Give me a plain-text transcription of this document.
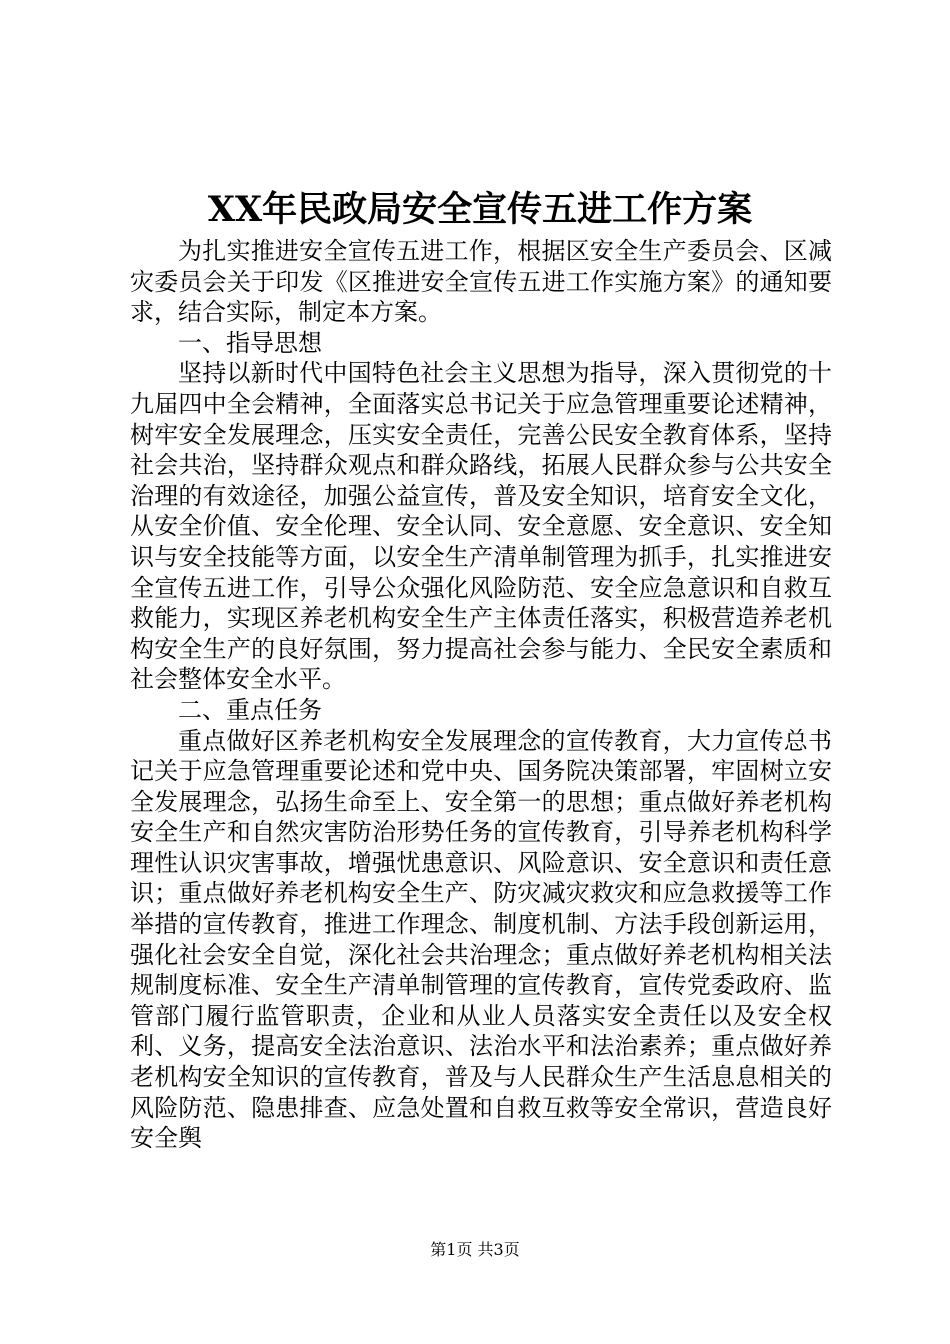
XX年民政局安全宣传五进工作方案

为扎实推进安全宣传五进工作，根据区安全生产委员会、区减灾委员会关于印发《区推进安全宣传五进工作实施方案》的通知要求，结合实际，制定本方案。

一、指导思想

坚持以新时代中国特色社会主义思想为指导，深入贯彻党的十九届四中全会精神，全面落实总书记关于应急管理重要论述精神，树牢安全发展理念，压实安全责任，完善公民安全教育体系，坚持社会共治，坚持群众观点和群众路线，拓展人民群众参与公共安全治理的有效途径，加强公益宣传，普及安全知识，培育安全文化，从安全价值、安全伦理、安全认同、安全意愿、安全意识、安全知识与安全技能等方面，以安全生产清单制管理为抓手，扎实推进安全宣传五进工作，引导公众强化风险防范、安全应急意识和自救互救能力，实现区养老机构安全生产主体责任落实，积极营造养老机构安全生产的良好氛围，努力提高社会参与能力、全民安全素质和社会整体安全水平。

二、重点任务

重点做好区养老机构安全发展理念的宣传教育，大力宣传总书记关于应急管理重要论述和党中央、国务院决策部署，牢固树立安全发展理念，弘扬生命至上、安全第一的思想；重点做好养老机构安全生产和自然灾害防治形势任务的宣传教育，引导养老机构科学理性认识灾害事故，增强忧患意识、风险意识、安全意识和责任意识；重点做好养老机构安全生产、防灾减灾救灾和应急救援等工作举措的宣传教育，推进工作理念、制度机制、方法手段创新运用，强化社会安全自觉，深化社会共治理念；重点做好养老机构相关法规制度标准、安全生产清单制管理的宣传教育，宣传党委政府、监管部门履行监管职责，企业和从业人员落实安全责任以及安全权利、义务，提高安全法治意识、法治水平和法治素养；重点做好养老机构安全知识的宣传教育，普及与人民群众生产生活息息相关的风险防范、隐患排查、应急处置和自救互救等安全常识，营造良好安全舆

第1页 共3页
